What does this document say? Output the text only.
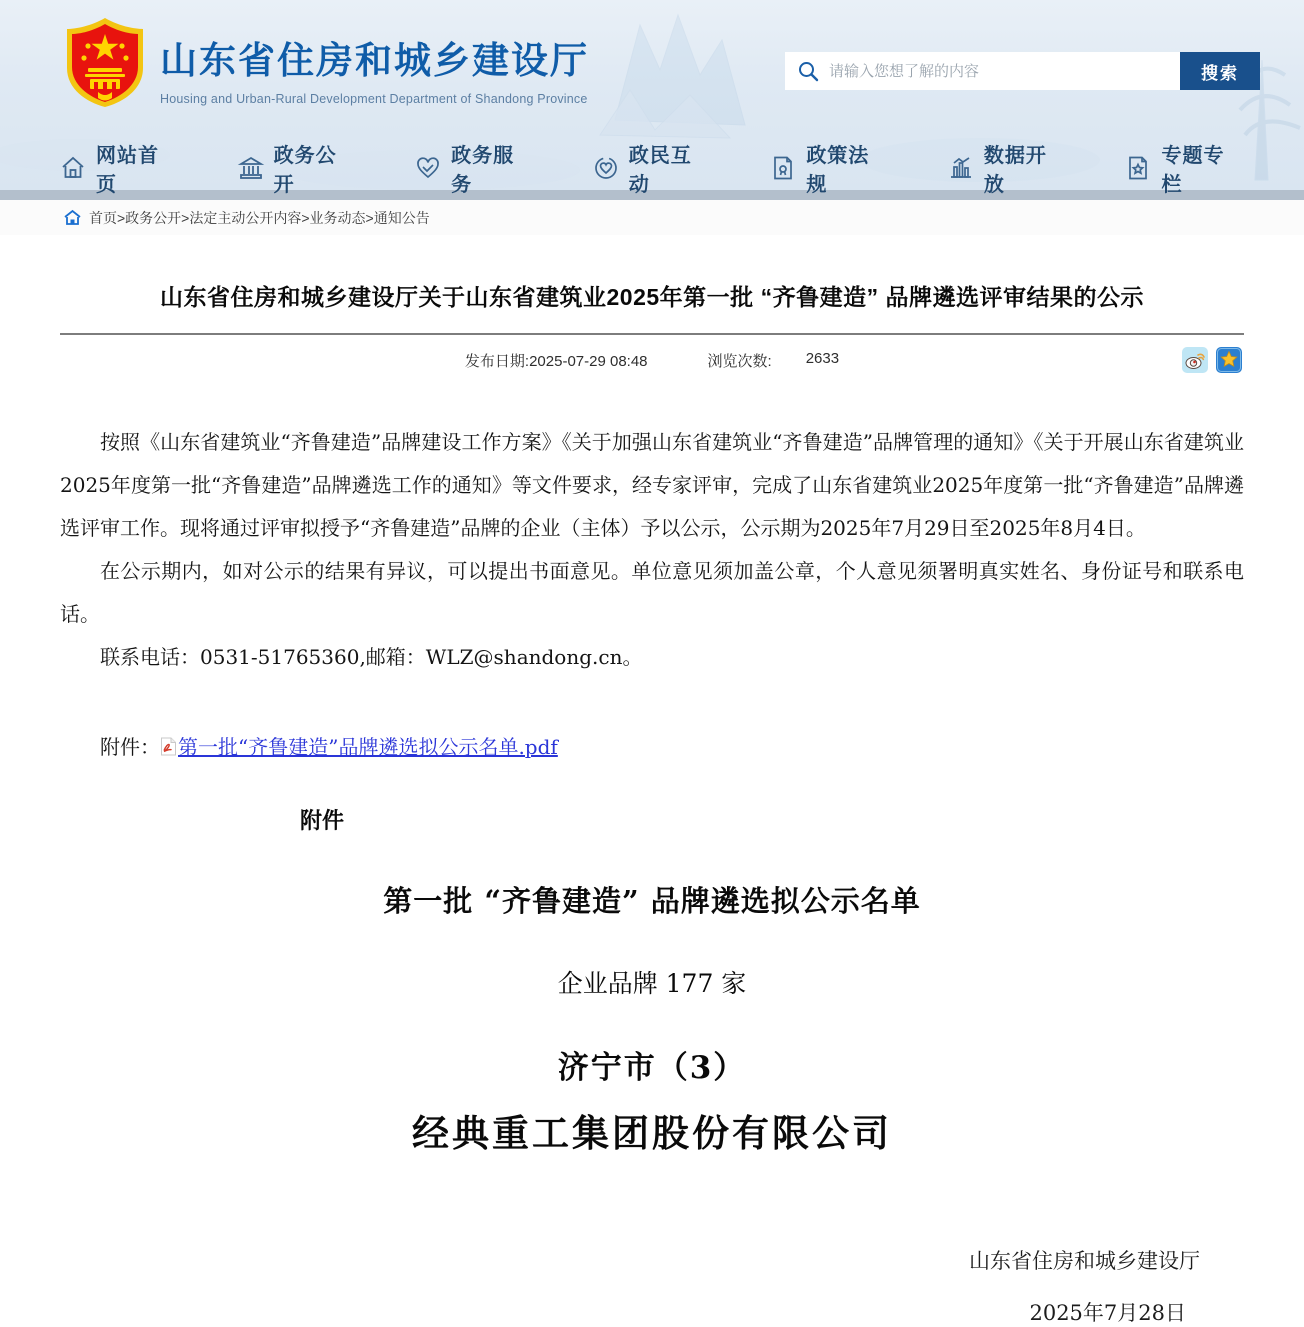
山东省住房和城乡建设厅
Housing and Urban-Rural Development Department of Shandong Province
请输入您想了解的内容
搜索
网站首页
政务公开
政务服务
政民互动
政策法规
数据开放
专题专栏
首页>政务公开>法定主动公开内容>业务动态>通知公告
山东省住房和城乡建设厅关于山东省建筑业2025年第一批 “齐鲁建造” 品牌遴选评审结果的公示
发布日期:2025-07-29 08:48	浏览次数: 2633

按照《山东省建筑业“齐鲁建造”品牌建设工作方案》《关于加强山东省建筑业“齐鲁建造”品牌管理的通知》《关于开展山东省建筑业2025年度第一批“齐鲁建造”品牌遴选工作的通知》等文件要求，经专家评审，完成了山东省建筑业2025年度第一批“齐鲁建造”品牌遴选评审工作。现将通过评审拟授予“齐鲁建造”品牌的企业（主体）予以公示，公示期为2025年7月29日至2025年8月4日。

在公示期内，如对公示的结果有异议，可以提出书面意见。单位意见须加盖公章，个人意见须署明真实姓名、身份证号和联系电话。

联系电话：0531-51765360,邮箱：WLZ@shandong.cn。

附件： 第一批“齐鲁建造”品牌遴选拟公示名单.pdf
附件
第一批 “齐鲁建造” 品牌遴选拟公示名单
企业品牌 177 家
济宁市（3）
经典重工集团股份有限公司
山东省住房和城乡建设厅
2025年7月28日
